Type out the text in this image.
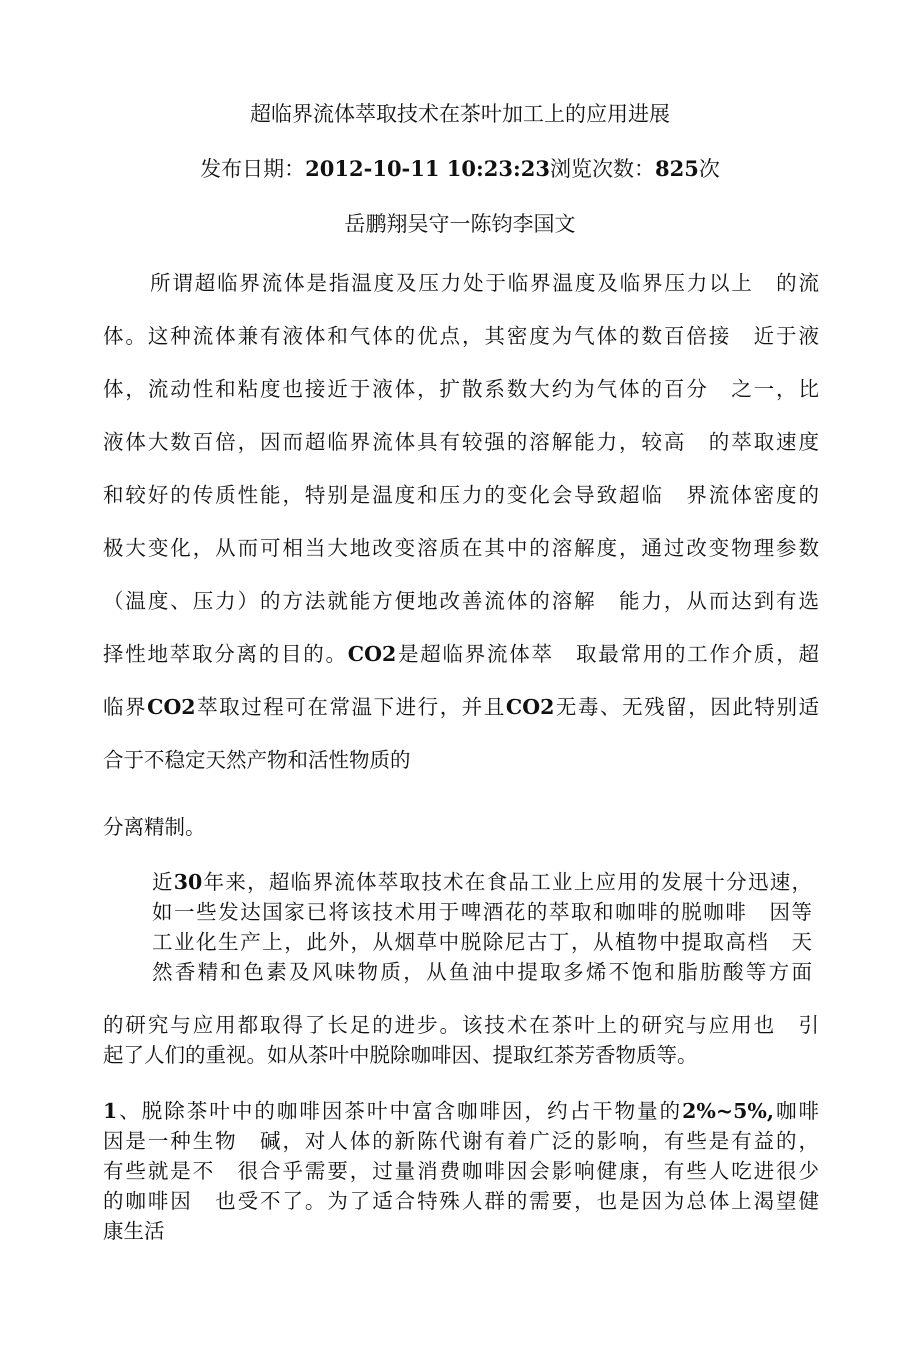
超临界流体萃取技术在茶叶加工上的应用进展
发布日期：2012-10-11 10:23:23浏览次数：825次
岳鹏翔吴守一陈钧李国文
所谓超临界流体是指温度及压力处于临界温度及临界压力以上　的流
体。这种流体兼有液体和气体的优点，其密度为气体的数百倍接　近于液
体，流动性和粘度也接近于液体，扩散系数大约为气体的百分　之一，比
液体大数百倍，因而超临界流体具有较强的溶解能力，较高　的萃取速度
和较好的传质性能，特别是温度和压力的变化会导致超临　界流体密度的
极大变化，从而可相当大地改变溶质在其中的溶解度，通过改变物理参数
（温度、压力）的方法就能方便地改善流体的溶解　能力，从而达到有选
择性地萃取分离的目的。CO2是超临界流体萃　取最常用的工作介质，超
临界CO2萃取过程可在常温下进行，并且CO2无毒、无残留，因此特别适
合于不稳定天然产物和活性物质的
分离精制。
近30年来，超临界流体萃取技术在食品工业上应用的发展十分迅速，
如一些发达国家已将该技术用于啤酒花的萃取和咖啡的脱咖啡　因等
工业化生产上，此外，从烟草中脱除尼古丁，从植物中提取高档　天
然香精和色素及风味物质，从鱼油中提取多烯不饱和脂肪酸等方面
的研究与应用都取得了长足的进步。该技术在茶叶上的研究与应用也　引
起了人们的重视。如从茶叶中脱除咖啡因、提取红茶芳香物质等。
1、脱除茶叶中的咖啡因茶叶中富含咖啡因，约占干物量的2%~5%,咖啡
因是一种生物　碱，对人体的新陈代谢有着广泛的影响，有些是有益的，
有些就是不　很合乎需要，过量消费咖啡因会影响健康，有些人吃进很少
的咖啡因　也受不了。为了适合特殊人群的需要，也是因为总体上渴望健
康生活
